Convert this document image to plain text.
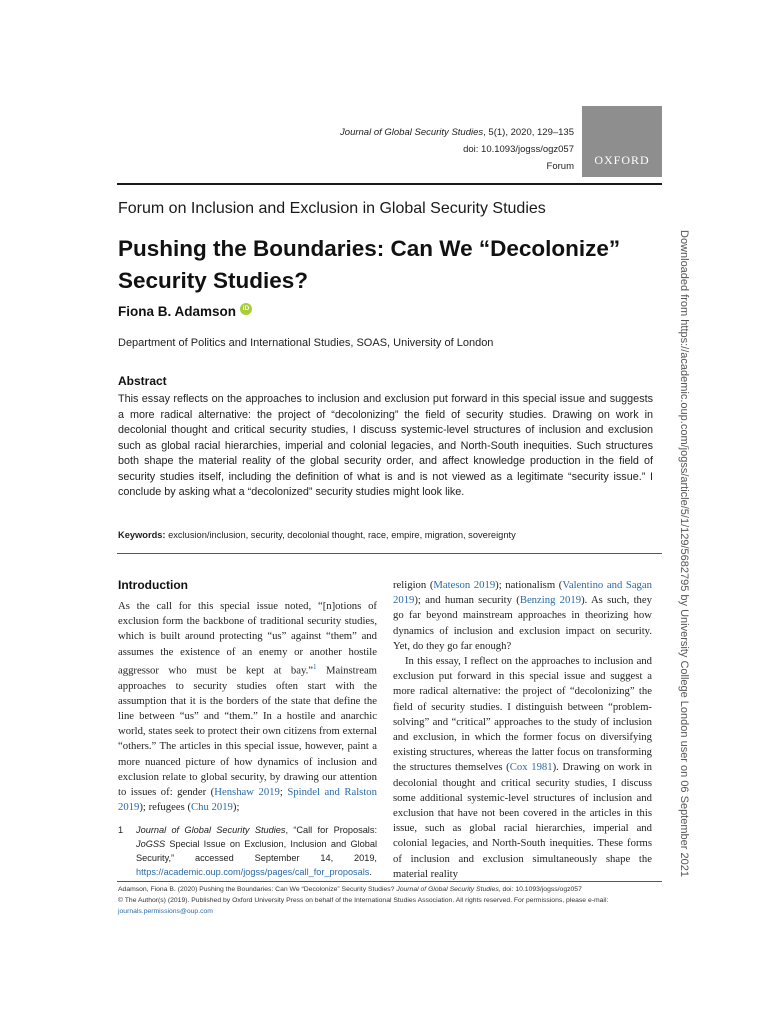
Journal of Global Security Studies, 5(1), 2020, 129–135
doi: 10.1093/jogss/ogz057
Forum OXFORD
Forum on Inclusion and Exclusion in Global Security Studies
Pushing the Boundaries: Can We “Decolonize” Security Studies?
Fiona B. Adamson	iD
Department of Politics and International Studies, SOAS, University of London
Abstract
This essay reflects on the approaches to inclusion and exclusion put forward in this special issue and suggests a more radical alternative: the project of “decolonizing” the field of security studies. Drawing on work in decolonial thought and critical security studies, I discuss systemic-level structures of inclusion and exclusion such as global racial hierarchies, imperial and colonial legacies, and North-South inequities. Such structures both shape the material reality of the global security order, and affect knowledge production in the field of security studies itself, including the definition of what is and is not viewed as a legitimate “security issue.” I conclude by asking what a “decolonized” security studies might look like.
Keywords: exclusion/inclusion, security, decolonial thought, race, empire, migration, sovereignty
Introduction

As the call for this special issue noted, “[n]otions of exclusion form the backbone of traditional security studies, which is built around protecting “us” against “them” and assumes the existence of an enemy or another hostile aggressor who must be kept at bay.”$^1$ Mainstream approaches to security studies often start with the assumption that it is the borders of the state that define the line between “us” and “them.” In a hostile and anarchic world, states seek to protect their own citizens from external “others.” The articles in this special issue, however, paint a more nuanced picture of how dynamics of inclusion and exclusion relate to global security, by drawing our attention to issues of: gender (Henshaw 2019; Spindel and Ralston 2019); refugees (Chu 2019);

1	Journal of Global Security Studies, “Call for Proposals: JoGSS Special Issue on Exclusion, Inclusion and Global Security,” accessed September 14, 2019, https://academic.oup.com/jogss/pages/call_for_proposals.

religion (Mateson 2019); nationalism (Valentino and Sagan 2019); and human security (Benzing 2019). As such, they go far beyond mainstream approaches in theorizing how dynamics of inclusion and exclusion impact on security. Yet, do they go far enough?

In this essay, I reflect on the approaches to inclusion and exclusion put forward in this special issue and suggest a more radical alternative: the project of “decolonizing” the field of security studies. I distinguish between “problem-solving” and “critical” approaches to the study of inclusion and exclusion, in which the former focus on diversifying existing structures, whereas the latter focus on transforming the structures themselves (Cox 1981). Drawing on work in decolonial thought and critical security studies, I discuss some additional systemic-level structures of inclusion and exclusion that have not been covered in the articles in this issue, such as global racial hierarchies, imperial and colonial legacies, and North-South inequities. These forms of inclusion and exclusion simultaneously shape the material reality

Adamson, Fiona B. (2020) Pushing the Boundaries: Can We “Decolonize” Security Studies? Journal of Global Security Studies, doi: 10.1093/jogss/ogz057
© The Author(s) (2019). Published by Oxford University Press on behalf of the International Studies Association. All rights reserved. For permissions, please e-mail:
journals.permissions@oup.com
Downloaded from https://academic.oup.com/jogss/article/5/1/129/5682795 by University College London user on 06 September 2021
